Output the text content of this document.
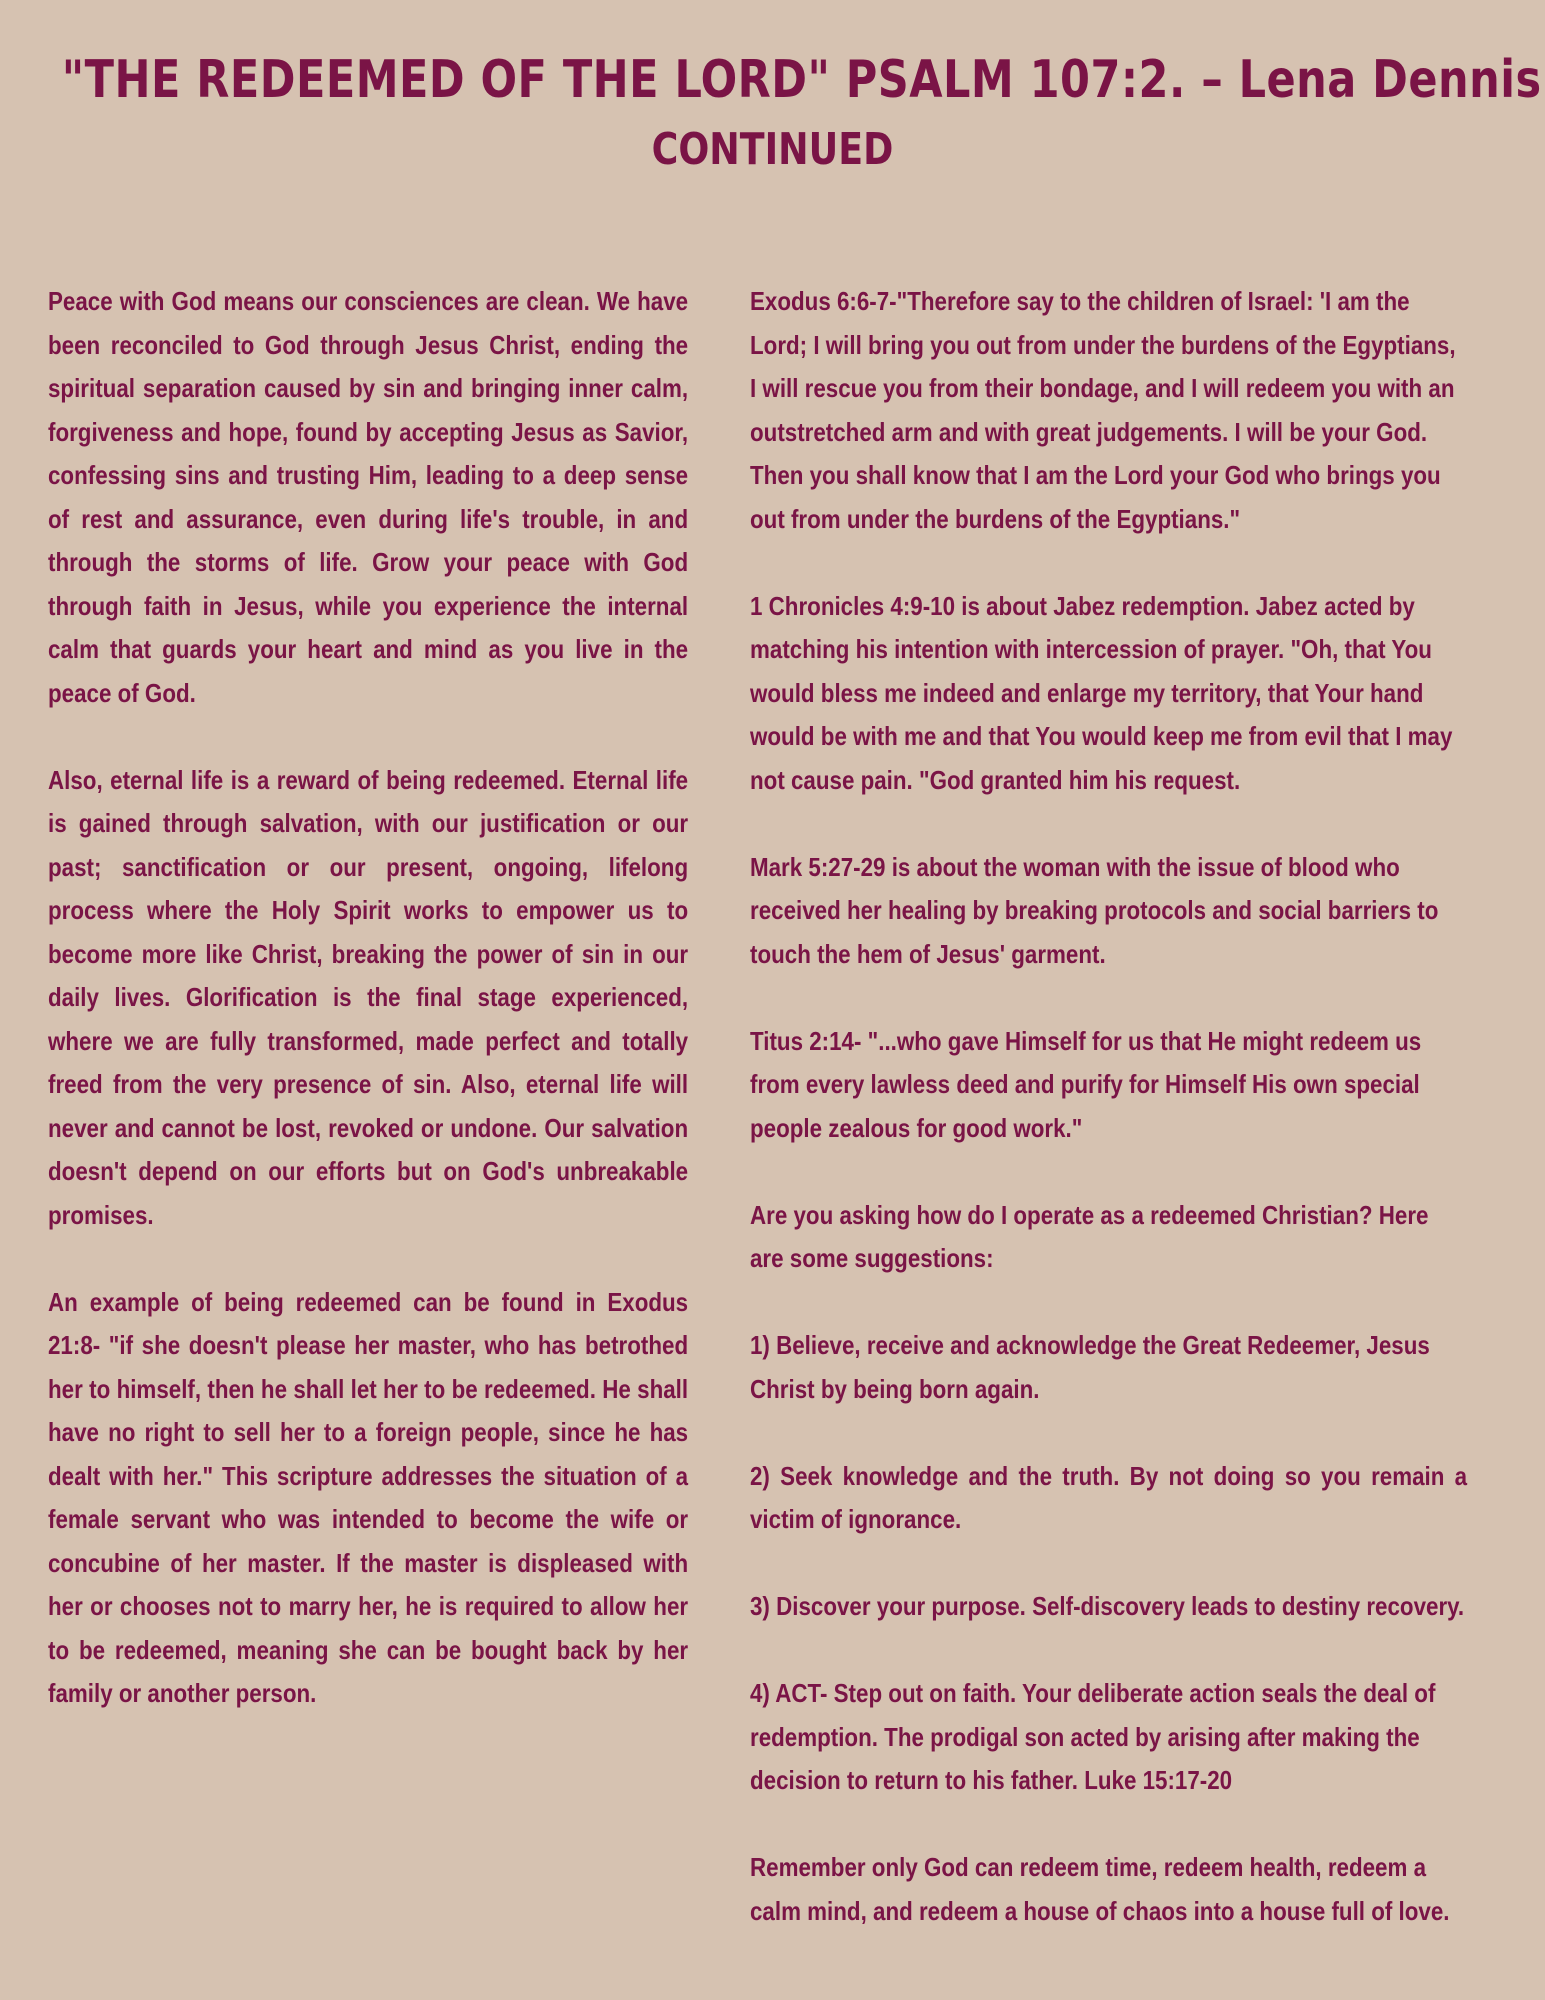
"THE REDEEMED OF THE LORD" PSALM 107:2. – Lena Dennis
CONTINUED

Peace with God means our consciences are clean. We have been reconciled to God through Jesus Christ, ending the spiritual separation caused by sin and bringing inner calm, forgiveness and hope, found by accepting Jesus as Savior, confessing sins and trusting Him, leading to a deep sense of rest and assurance, even during life's trouble, in and through the storms of life. Grow your peace with God through faith in Jesus, while you experience the internal calm that guards your heart and mind as you live in the peace of God.

Also, eternal life is a reward of being redeemed. Eternal life is gained through salvation, with our justification or our past; sanctification or our present, ongoing, lifelong process where the Holy Spirit works to empower us to become more like Christ, breaking the power of sin in our daily lives. Glorification is the final stage experienced, where we are fully transformed, made perfect and totally freed from the very presence of sin. Also, eternal life will never and cannot be lost, revoked or undone. Our salvation doesn't depend on our efforts but on God's unbreakable promises.

An example of being redeemed can be found in Exodus 21:8- "if she doesn't please her master, who has betrothed her to himself, then he shall let her to be redeemed. He shall have no right to sell her to a foreign people, since he has dealt with her." This scripture addresses the situation of a female servant who was intended to become the wife or concubine of her master. If the master is displeased with her or chooses not to marry her, he is required to allow her to be redeemed, meaning she can be bought back by her family or another person.

Exodus 6:6-7-"Therefore say to the children of Israel: 'I am the Lord; I will bring you out from under the burdens of the Egyptians, I will rescue you from their bondage, and I will redeem you with an outstretched arm and with great judgements. I will be your God. Then you shall know that I am the Lord your God who brings you out from under the burdens of the Egyptians."

1 Chronicles 4:9-10 is about Jabez redemption. Jabez acted by matching his intention with intercession of prayer. "Oh, that You would bless me indeed and enlarge my territory, that Your hand would be with me and that You would keep me from evil that I may not cause pain. "God granted him his request.

Mark 5:27-29 is about the woman with the issue of blood who received her healing by breaking protocols and social barriers to touch the hem of Jesus' garment.

Titus 2:14- "...who gave Himself for us that He might redeem us from every lawless deed and purify for Himself His own special people zealous for good work."

Are you asking how do I operate as a redeemed Christian? Here are some suggestions:

1) Believe, receive and acknowledge the Great Redeemer, Jesus Christ by being born again.

2) Seek knowledge and the truth. By not doing so you remain a victim of ignorance.

3) Discover your purpose. Self-discovery leads to destiny recovery.

4) ACT- Step out on faith. Your deliberate action seals the deal of redemption. The prodigal son acted by arising after making the decision to return to his father. Luke 15:17-20

Remember only God can redeem time, redeem health, redeem a calm mind, and redeem a house of chaos into a house full of love.
